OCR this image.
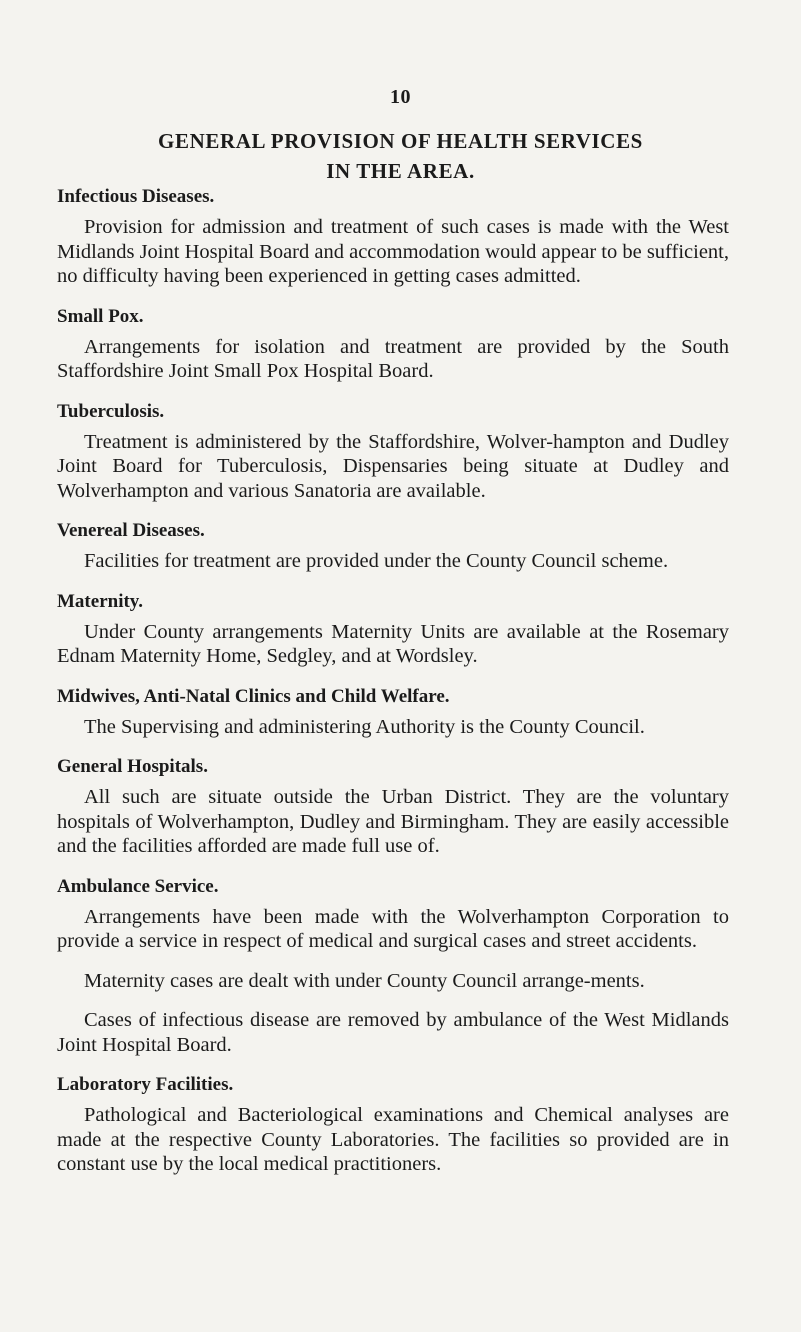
10
GENERAL PROVISION OF HEALTH SERVICES
IN THE AREA.
Infectious Diseases.

Provision for admission and treatment of such cases is made with the West Midlands Joint Hospital Board and accommodation would appear to be sufficient, no difficulty having been experienced in getting cases admitted.

Small Pox.

Arrangements for isolation and treatment are provided by the South Staffordshire Joint Small Pox Hospital Board.

Tuberculosis.

Treatment is administered by the Staffordshire, Wolver-hampton and Dudley Joint Board for Tuberculosis, Dispensaries being situate at Dudley and Wolverhampton and various Sanatoria are available.

Venereal Diseases.

Facilities for treatment are provided under the County Council scheme.

Maternity.

Under County arrangements Maternity Units are available at the Rosemary Ednam Maternity Home, Sedgley, and at Wordsley.

Midwives, Anti-Natal Clinics and Child Welfare.

The Supervising and administering Authority is the County Council.

General Hospitals.

All such are situate outside the Urban District. They are the voluntary hospitals of Wolverhampton, Dudley and Birmingham. They are easily accessible and the facilities afforded are made full use of.

Ambulance Service.

Arrangements have been made with the Wolverhampton Corporation to provide a service in respect of medical and surgical cases and street accidents.

Maternity cases are dealt with under County Council arrange-ments.

Cases of infectious disease are removed by ambulance of the West Midlands Joint Hospital Board.

Laboratory Facilities.

Pathological and Bacteriological examinations and Chemical analyses are made at the respective County Laboratories. The facilities so provided are in constant use by the local medical practitioners.
